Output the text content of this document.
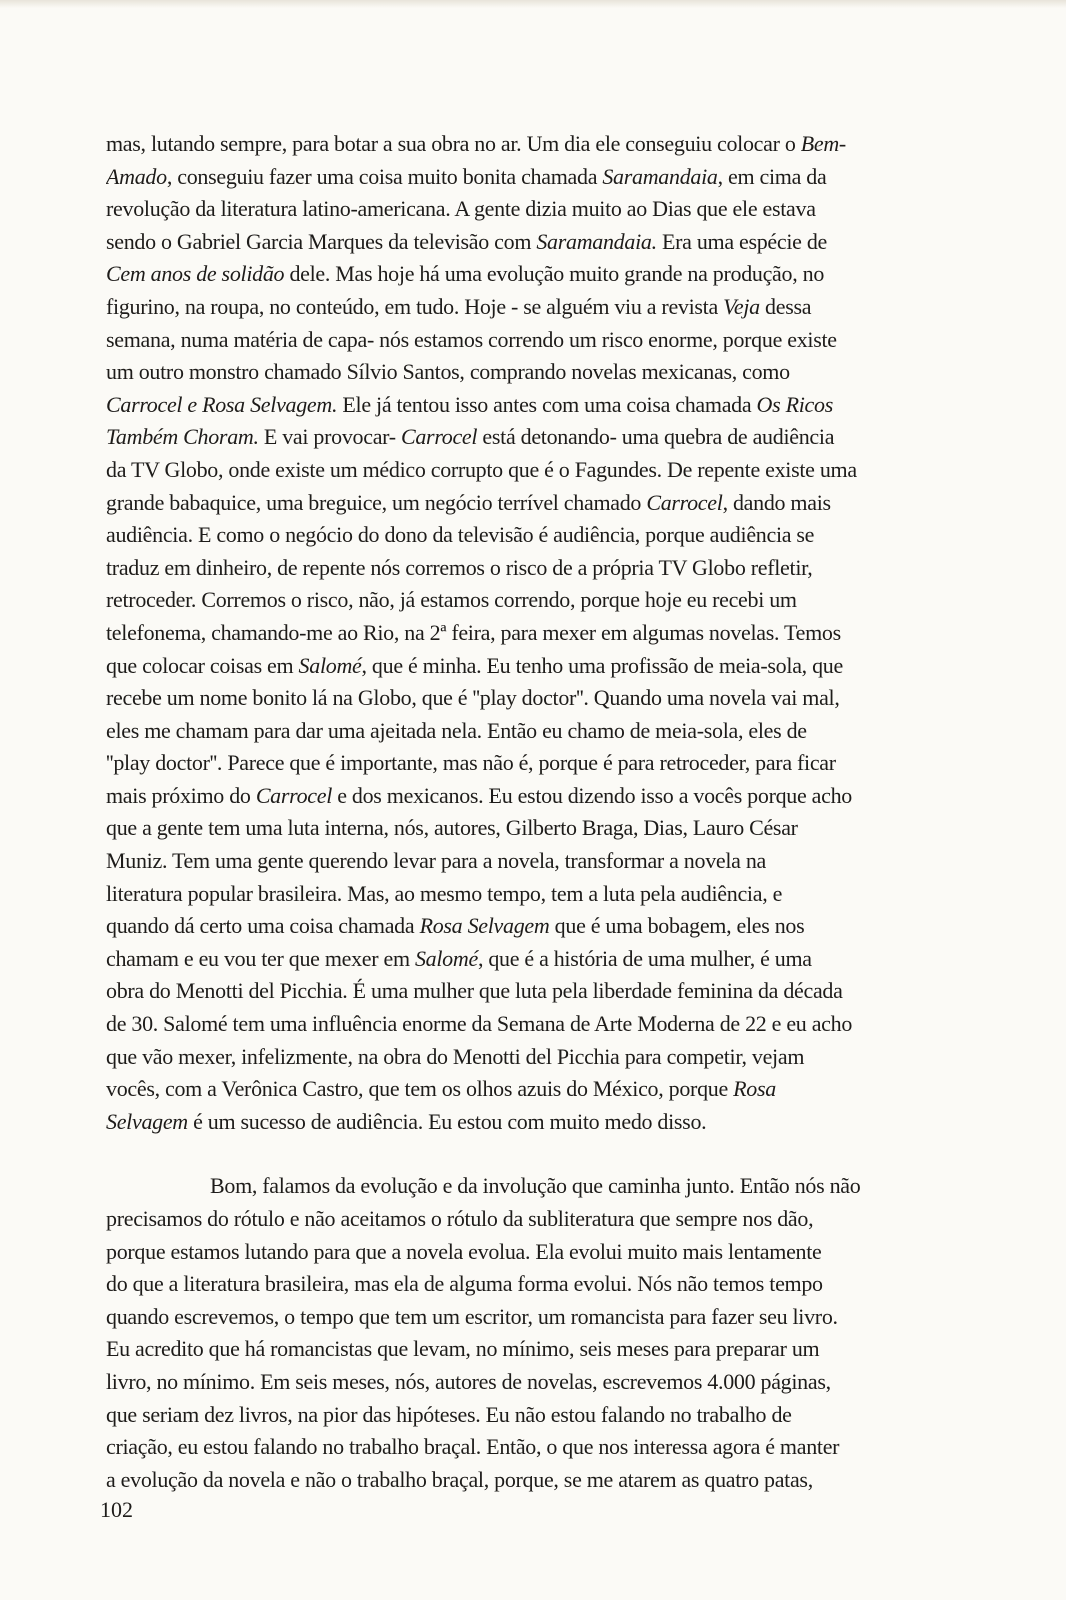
mas, lutando sempre, para botar a sua obra no ar. Um dia ele conseguiu colocar o Bem-
Amado, conseguiu fazer uma coisa muito bonita chamada Saramandaia, em cima da
revolução da literatura latino-americana. A gente dizia muito ao Dias que ele estava
sendo o Gabriel Garcia Marques da televisão com Saramandaia. Era uma espécie de
Cem anos de solidão dele. Mas hoje há uma evolução muito grande na produção, no
figurino, na roupa, no conteúdo, em tudo. Hoje - se alguém viu a revista Veja dessa
semana, numa matéria de capa- nós estamos correndo um risco enorme, porque existe
um outro monstro chamado Sílvio Santos, comprando novelas mexicanas, como
Carrocel e Rosa Selvagem. Ele já tentou isso antes com uma coisa chamada Os Ricos
Também Choram. E vai provocar- Carrocel está detonando- uma quebra de audiência
da TV Globo, onde existe um médico corrupto que é o Fagundes. De repente existe uma
grande babaquice, uma breguice, um negócio terrível chamado Carrocel, dando mais
audiência. E como o negócio do dono da televisão é audiência, porque audiência se
traduz em dinheiro, de repente nós corremos o risco de a própria TV Globo refletir,
retroceder. Corremos o risco, não, já estamos correndo, porque hoje eu recebi um
telefonema, chamando-me ao Rio, na 2ª feira, para mexer em algumas novelas. Temos
que colocar coisas em Salomé, que é minha. Eu tenho uma profissão de meia-sola, que
recebe um nome bonito lá na Globo, que é ''play doctor''. Quando uma novela vai mal,
eles me chamam para dar uma ajeitada nela. Então eu chamo de meia-sola, eles de
''play doctor''. Parece que é importante, mas não é, porque é para retroceder, para ficar
mais próximo do Carrocel e dos mexicanos. Eu estou dizendo isso a vocês porque acho
que a gente tem uma luta interna, nós, autores, Gilberto Braga, Dias, Lauro César
Muniz. Tem uma gente querendo levar para a novela, transformar a novela na
literatura popular brasileira. Mas, ao mesmo tempo, tem a luta pela audiência, e
quando dá certo uma coisa chamada Rosa Selvagem que é uma bobagem, eles nos
chamam e eu vou ter que mexer em Salomé, que é a história de uma mulher, é uma
obra do Menotti del Picchia. É uma mulher que luta pela liberdade feminina da década
de 30. Salomé tem uma influência enorme da Semana de Arte Moderna de 22 e eu acho
que vão mexer, infelizmente, na obra do Menotti del Picchia para competir, vejam
vocês, com a Verônica Castro, que tem os olhos azuis do México, porque Rosa
Selvagem é um sucesso de audiência. Eu estou com muito medo disso.
Bom, falamos da evolução e da involução que caminha junto. Então nós não
precisamos do rótulo e não aceitamos o rótulo da subliteratura que sempre nos dão,
porque estamos lutando para que a novela evolua. Ela evolui muito mais lentamente
do que a literatura brasileira, mas ela de alguma forma evolui. Nós não temos tempo
quando escrevemos, o tempo que tem um escritor, um romancista para fazer seu livro.
Eu acredito que há romancistas que levam, no mínimo, seis meses para preparar um
livro, no mínimo. Em seis meses, nós, autores de novelas, escrevemos 4.000 páginas,
que seriam dez livros, na pior das hipóteses. Eu não estou falando no trabalho de
criação, eu estou falando no trabalho braçal. Então, o que nos interessa agora é manter
a evolução da novela e não o trabalho braçal, porque, se me atarem as quatro patas,
102
